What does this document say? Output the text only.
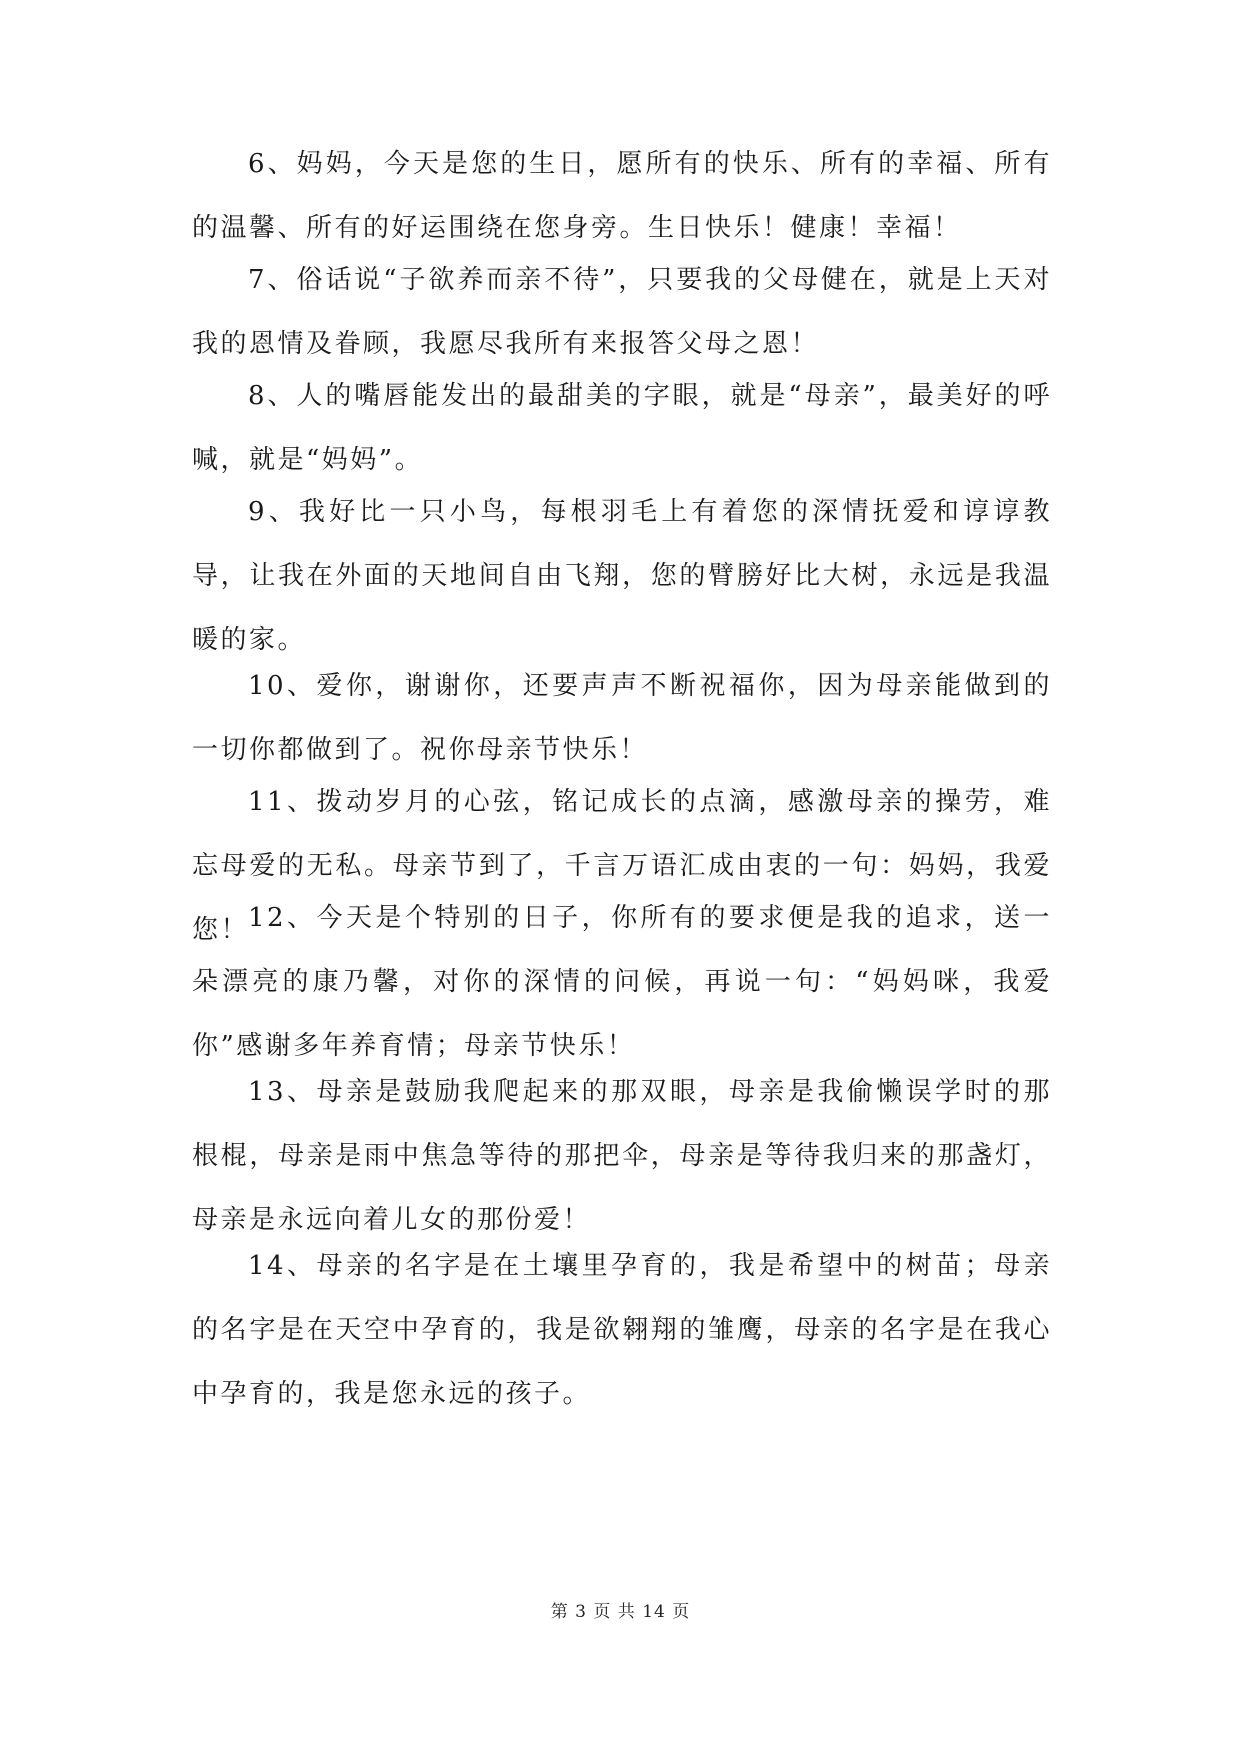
6、妈妈，今天是您的生日，愿所有的快乐、所有的幸福、所有的温馨、所有的好运围绕在您身旁。生日快乐！健康！幸福！

7、俗话说“子欲养而亲不待”，只要我的父母健在，就是上天对我的恩情及眷顾，我愿尽我所有来报答父母之恩！

8、人的嘴唇能发出的最甜美的字眼，就是“母亲”，最美好的呼喊，就是“妈妈”。

9、我好比一只小鸟，每根羽毛上有着您的深情抚爱和谆谆教导，让我在外面的天地间自由飞翔，您的臂膀好比大树，永远是我温暖的家。

10、爱你，谢谢你，还要声声不断祝福你，因为母亲能做到的一切你都做到了。祝你母亲节快乐！

11、拨动岁月的心弦，铭记成长的点滴，感激母亲的操劳，难忘母爱的无私。母亲节到了，千言万语汇成由衷的一句：妈妈，我爱您！

12、今天是个特别的日子，你所有的要求便是我的追求，送一朵漂亮的康乃馨，对你的深情的问候，再说一句：“妈妈咪，我爱你”感谢多年养育情；母亲节快乐！

13、母亲是鼓励我爬起来的那双眼，母亲是我偷懒误学时的那根棍，母亲是雨中焦急等待的那把伞，母亲是等待我归来的那盏灯，母亲是永远向着儿女的那份爱！

14、母亲的名字是在土壤里孕育的，我是希望中的树苗；母亲的名字是在天空中孕育的，我是欲翱翔的雏鹰，母亲的名字是在我心中孕育的，我是您永远的孩子。

第 3 页 共 14 页
